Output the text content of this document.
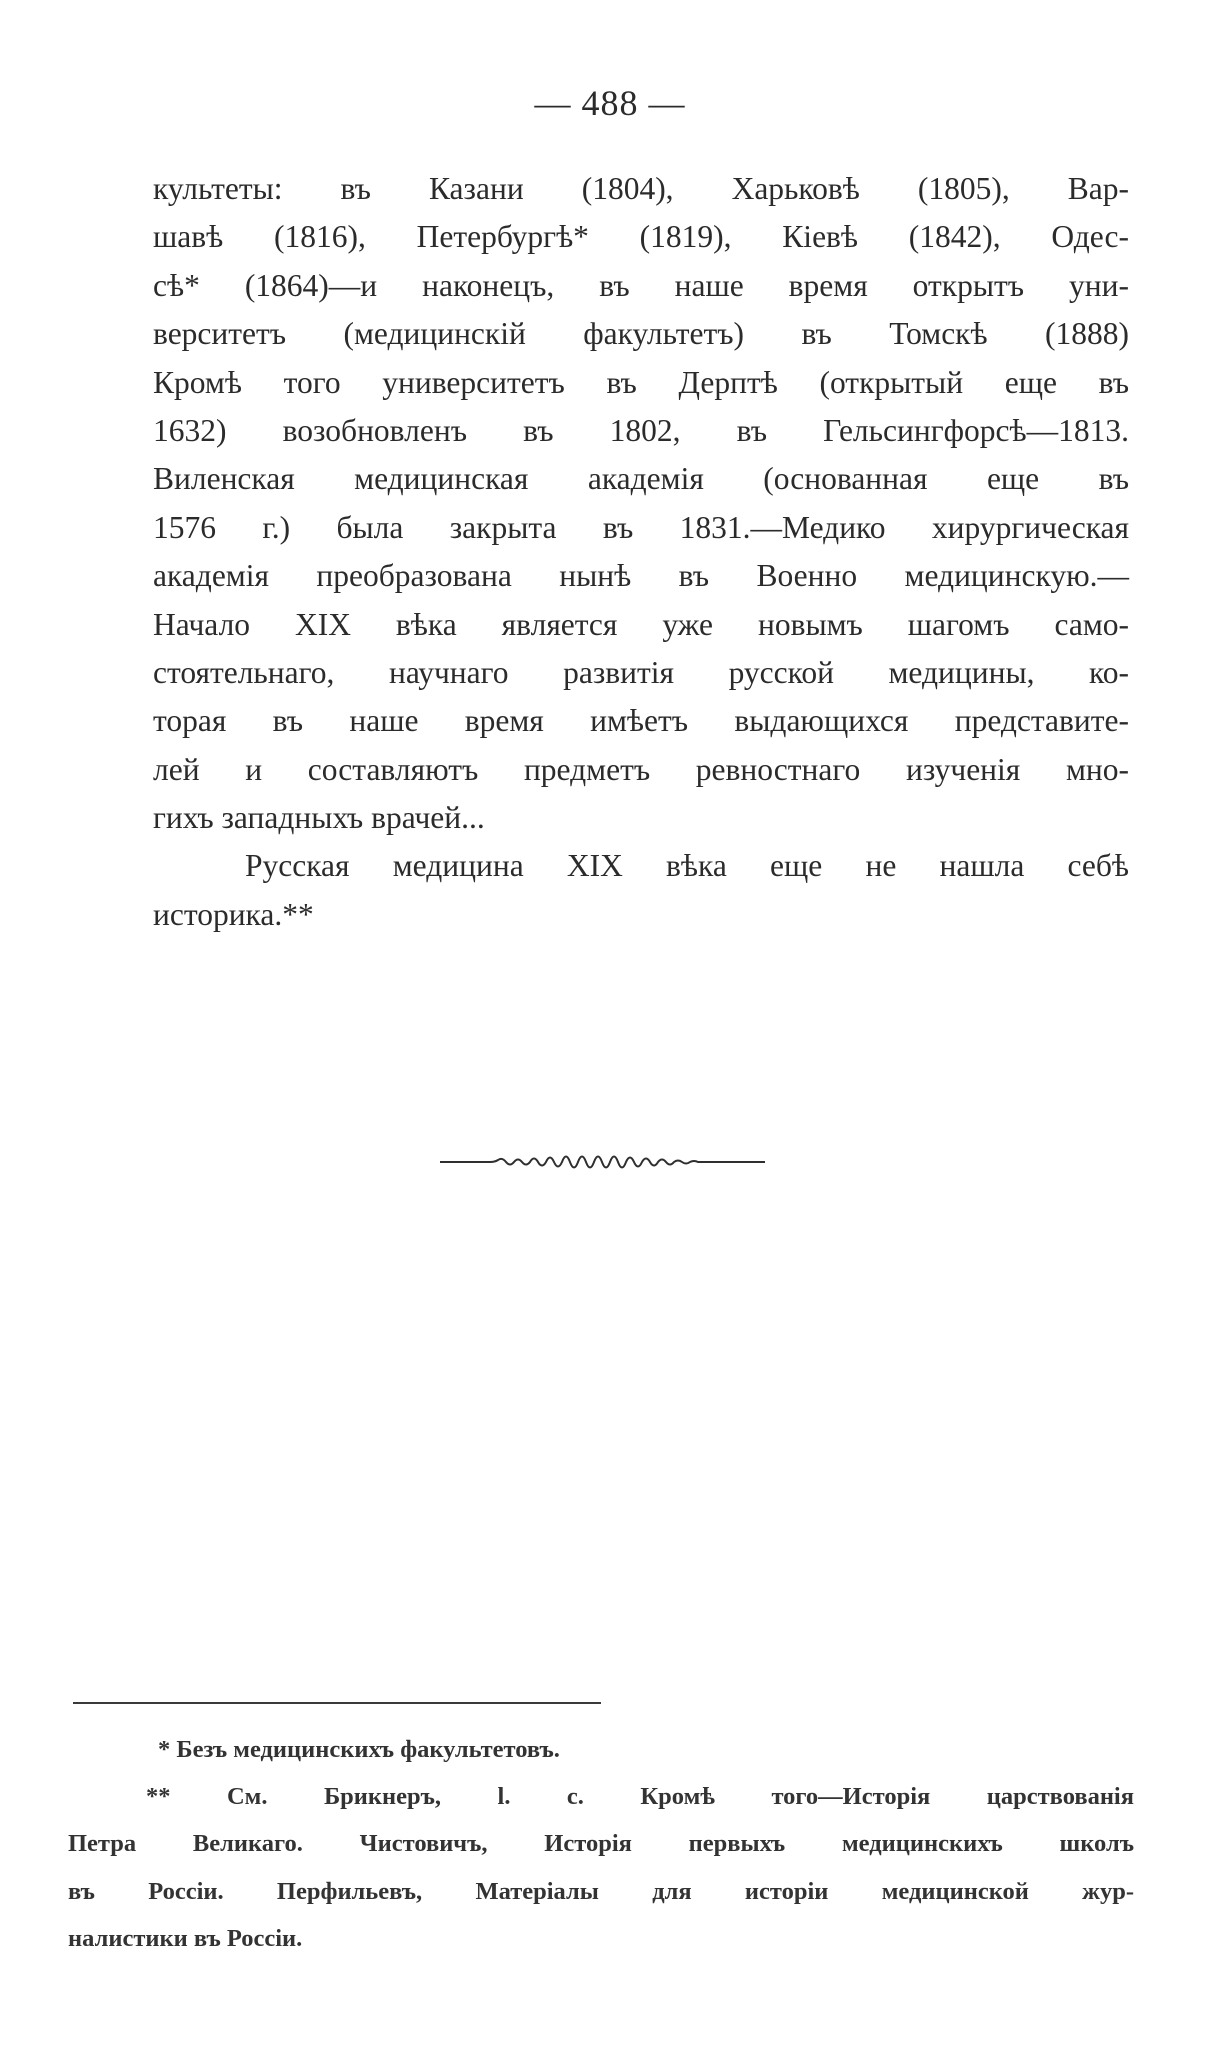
— 488 —
культеты: въ Казани (1804), Харьковѣ (1805), Вар-
шавѣ (1816), Петербургѣ* (1819), Кіевѣ (1842), Одес-
сѣ* (1864)—и наконецъ, въ наше время открытъ уни-
верситетъ (медицинскій факультетъ) въ Томскѣ (1888)
Кромѣ того университетъ въ Дерптѣ (открытый еще въ
1632) возобновленъ въ 1802, въ Гельсингфорсѣ—1813.
Виленская медицинская академія (основанная еще въ
1576 г.) была закрыта въ 1831.—Медико хирургическая
академія преобразована нынѣ въ Военно медицинскую.—
Начало XIX вѣка является уже новымъ шагомъ само-
стоятельнаго, научнаго развитія русской медицины, ко-
торая въ наше время имѣетъ выдающихся представите-
лей и составляютъ предметъ ревностнаго изученія мно-
гихъ западныхъ врачей...
Русская медицина XIX вѣка еще не нашла себѣ
историка.**
* Безъ медицинскихъ факультетовъ.
** См. Брикнеръ, l. c. Кромѣ того—Исторія царствованія
Петра Великаго. Чистовичъ, Исторія первыхъ медицинскихъ школъ
въ Россіи. Перфильевъ, Матеріалы для исторіи медицинской жур-
налистики въ Россіи.
